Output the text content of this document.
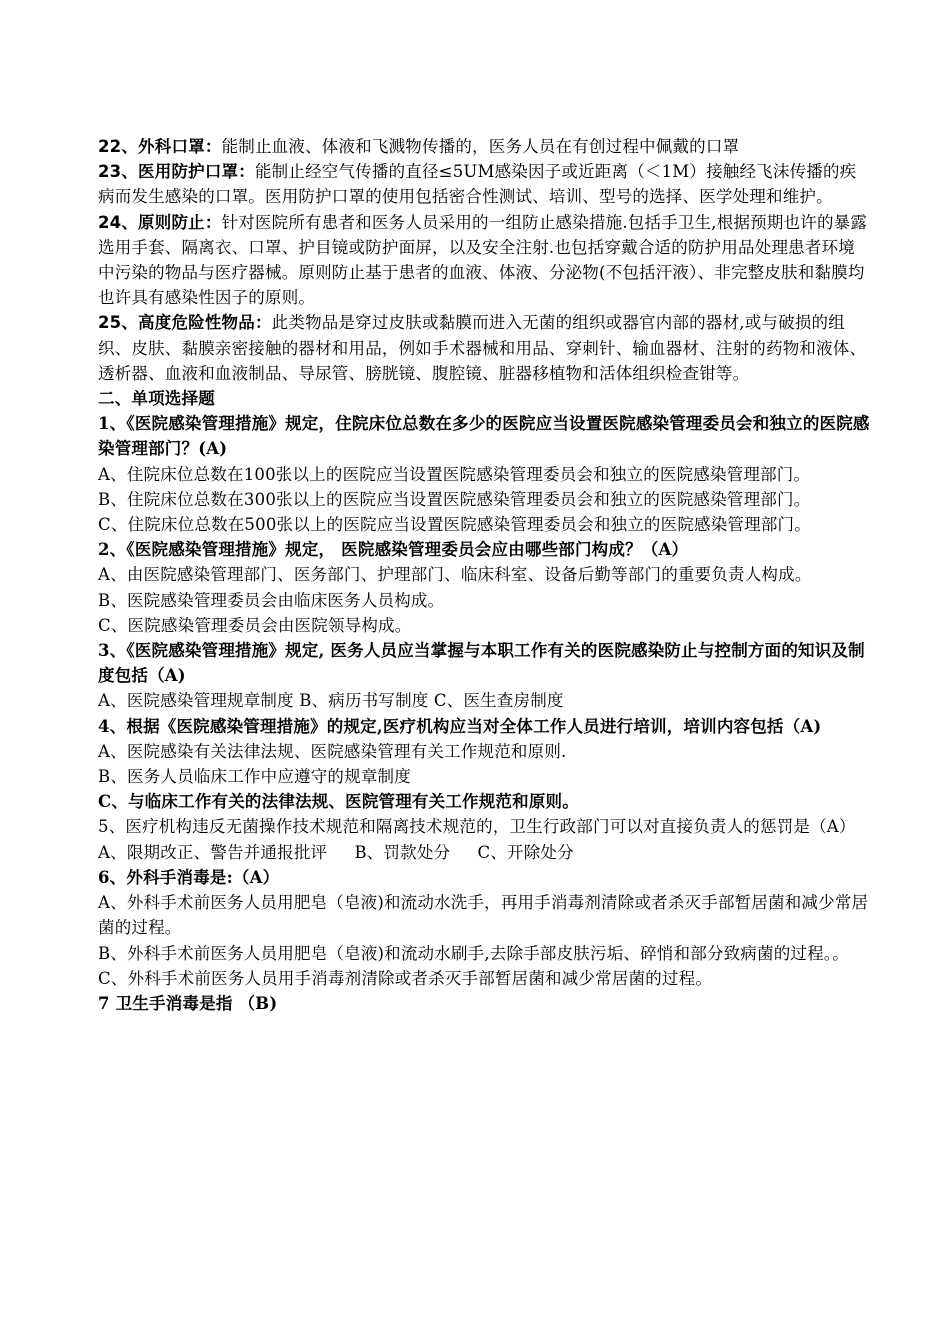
22、外科口罩：能制止血液、体液和飞溅物传播的，医务人员在有创过程中佩戴的口罩

23、医用防护口罩：能制止经空气传播的直径≤5UM感染因子或近距离（＜1M）接触经飞沫传播的疾病而发生感染的口罩。医用防护口罩的使用包括密合性测试、培训、型号的选择、医学处理和维护。

24、原则防止：针对医院所有患者和医务人员采用的一组防止感染措施.包括手卫生,根据预期也许的暴露选用手套、隔离衣、口罩、护目镜或防护面屏，以及安全注射.也包括穿戴合适的防护用品处理患者环境中污染的物品与医疗器械。原则防止基于患者的血液、体液、分泌物(不包括汗液）、非完整皮肤和黏膜均也许具有感染性因子的原则。

25、高度危险性物品：此类物品是穿过皮肤或黏膜而进入无菌的组织或器官内部的器材,或与破损的组织、皮肤、黏膜亲密接触的器材和用品，例如手术器械和用品、穿刺针、输血器材、注射的药物和液体、透析器、血液和血液制品、导尿管、膀胱镜、腹腔镜、脏器移植物和活体组织检查钳等。

二、单项选择题

1、《医院感染管理措施》规定，住院床位总数在多少的医院应当设置医院感染管理委员会和独立的医院感染管理部门？(A)

A、住院床位总数在100张以上的医院应当设置医院感染管理委员会和独立的医院感染管理部门。

B、住院床位总数在300张以上的医院应当设置医院感染管理委员会和独立的医院感染管理部门。

C、住院床位总数在500张以上的医院应当设置医院感染管理委员会和独立的医院感染管理部门。

2、《医院感染管理措施》规定， 医院感染管理委员会应由哪些部门构成？（A）

A、由医院感染管理部门、医务部门、护理部门、临床科室、设备后勤等部门的重要负责人构成。

B、医院感染管理委员会由临床医务人员构成。

C、医院感染管理委员会由医院领导构成。

3、《医院感染管理措施》规定, 医务人员应当掌握与本职工作有关的医院感染防止与控制方面的知识及制度包括（A)

A、医院感染管理规章制度 B、病历书写制度 C、医生查房制度

4、根据《医院感染管理措施》的规定,医疗机构应当对全体工作人员进行培训，培训内容包括（A)

A、医院感染有关法律法规、医院感染管理有关工作规范和原则.

B、医务人员临床工作中应遵守的规章制度

C、与临床工作有关的法律法规、医院管理有关工作规范和原则。

5、医疗机构违反无菌操作技术规范和隔离技术规范的，卫生行政部门可以对直接负责人的惩罚是（A）

A、限期改正、警告并通报批评     B、罚款处分     C、开除处分

6、外科手消毒是:（A）

A、外科手术前医务人员用肥皂（皂液)和流动水洗手，再用手消毒剂清除或者杀灭手部暂居菌和减少常居菌的过程。

B、外科手术前医务人员用肥皂（皂液)和流动水刷手,去除手部皮肤污垢、碎悄和部分致病菌的过程。。

C、外科手术前医务人员用手消毒剂清除或者杀灭手部暂居菌和减少常居菌的过程。

7 卫生手消毒是指 （B)
